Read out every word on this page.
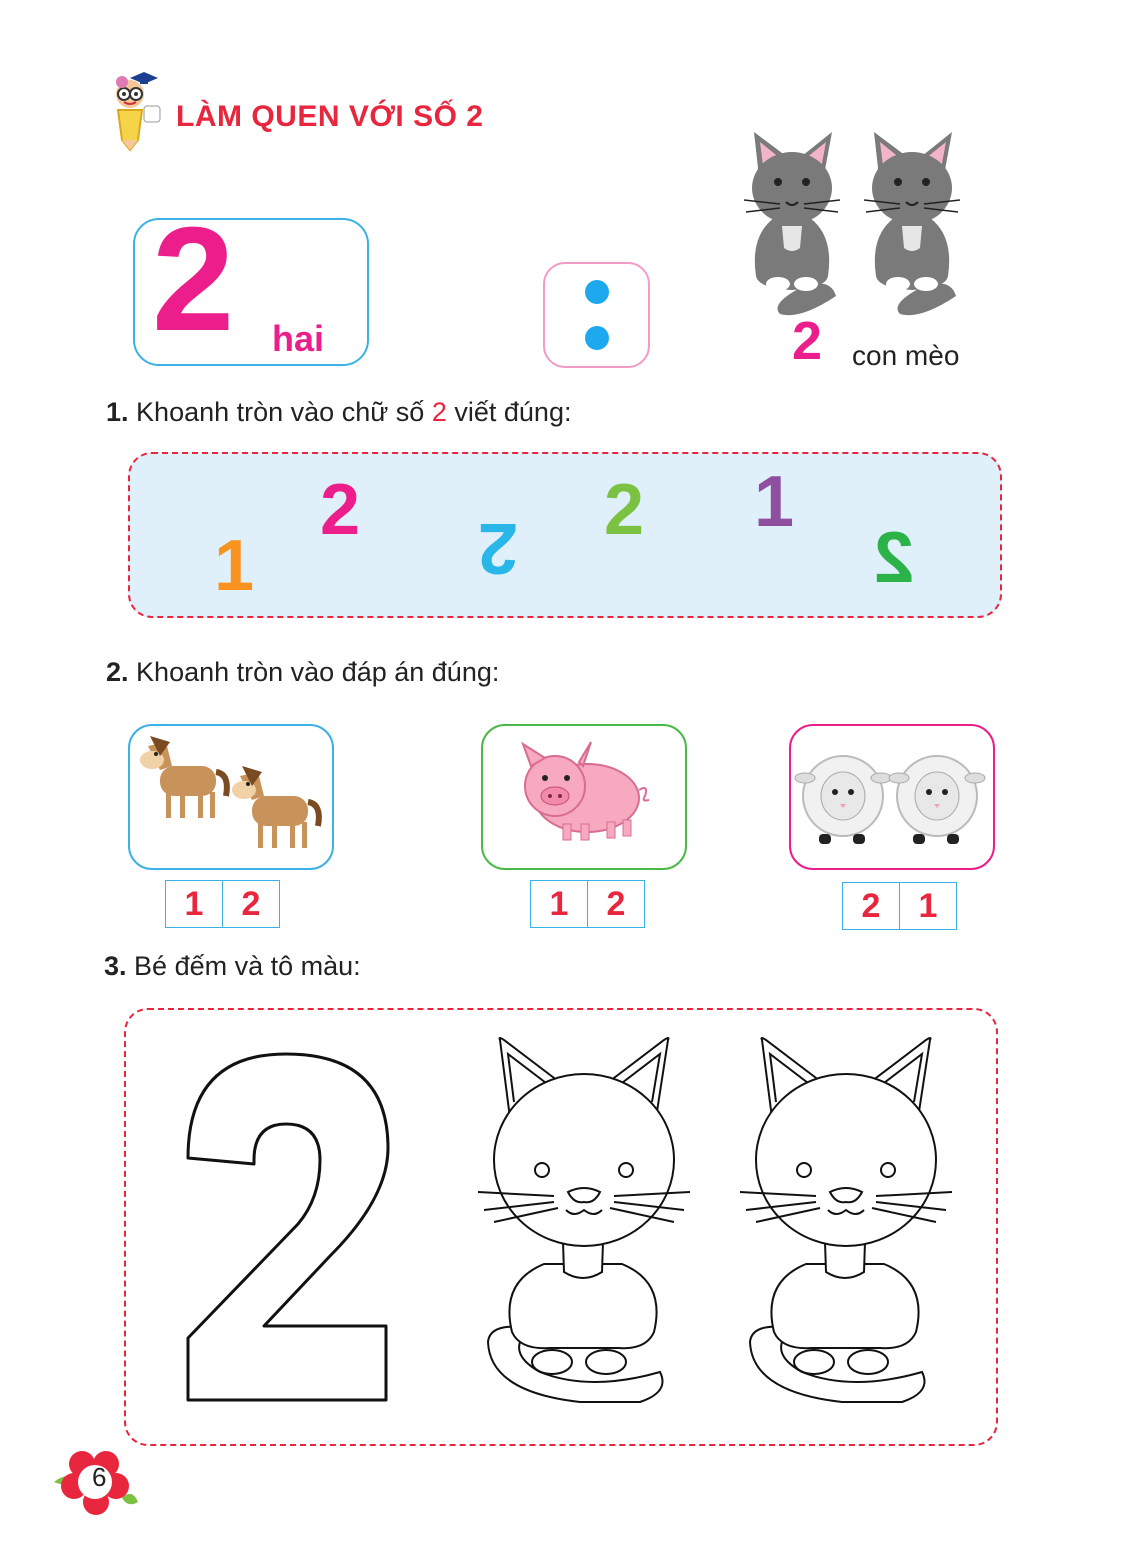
LÀM QUEN VỚI SỐ 2
2 hai	2 con mèo
1. Khoanh tròn vào chữ số 2 viết đúng:
1
2 2 2 1
2
2. Khoanh tròn vào đáp án đúng:
1	2	1	2	2	1
3. Bé đếm và tô màu:
6
